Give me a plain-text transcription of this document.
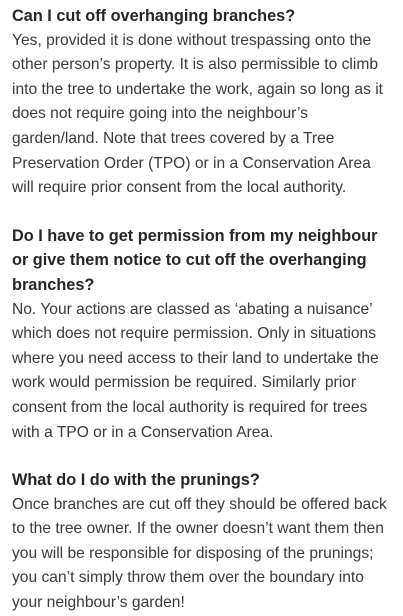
Can I cut off overhanging branches?

Yes, provided it is done without trespassing onto the other person’s property. It is also permissible to climb into the tree to undertake the work, again so long as it does not require going into the neighbour’s garden/land. Note that trees covered by a Tree Preservation Order (TPO) or in a Conservation Area will require prior consent from the local authority.

Do I have to get permission from my neighbour or give them notice to cut off the overhanging branches?

No. Your actions are classed as ‘abating a nuisance’ which does not require permission. Only in situations where you need access to their land to undertake the work would permission be required. Similarly prior consent from the local authority is required for trees with a TPO or in a Conservation Area.

What do I do with the prunings?

Once branches are cut off they should be offered back to the tree owner. If the owner doesn’t want them then you will be responsible for disposing of the prunings; you can’t simply throw them over the boundary into your neighbour’s garden!
